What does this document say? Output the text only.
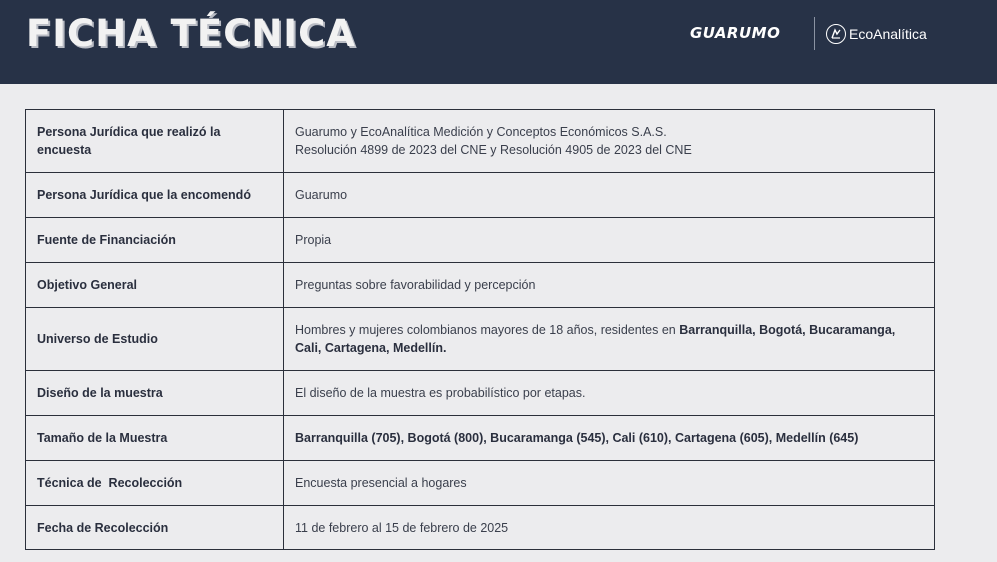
FICHA TÉCNICA	GUARUMO	EcoAnalítica
Persona Jurídica que realizó la encuesta	Guarumo y EcoAnalítica Medición y Conceptos Económicos S.A.S.
Resolución 4899 de 2023 del CNE y Resolución 4905 de 2023 del CNE
Persona Jurídica que la encomendó	Guarumo
Fuente de Financiación	Propia
Objetivo General	Preguntas sobre favorabilidad y percepción
Universo de Estudio	Hombres y mujeres colombianos mayores de 18 años, residentes en Barranquilla, Bogotá, Bucaramanga, Cali, Cartagena, Medellín.
Diseño de la muestra	El diseño de la muestra es probabilístico por etapas.
Tamaño de la Muestra	Barranquilla (705), Bogotá (800), Bucaramanga (545), Cali (610), Cartagena (605), Medellín (645)
Técnica de  Recolección	Encuesta presencial a hogares
Fecha de Recolección	11 de febrero al 15 de febrero de 2025
